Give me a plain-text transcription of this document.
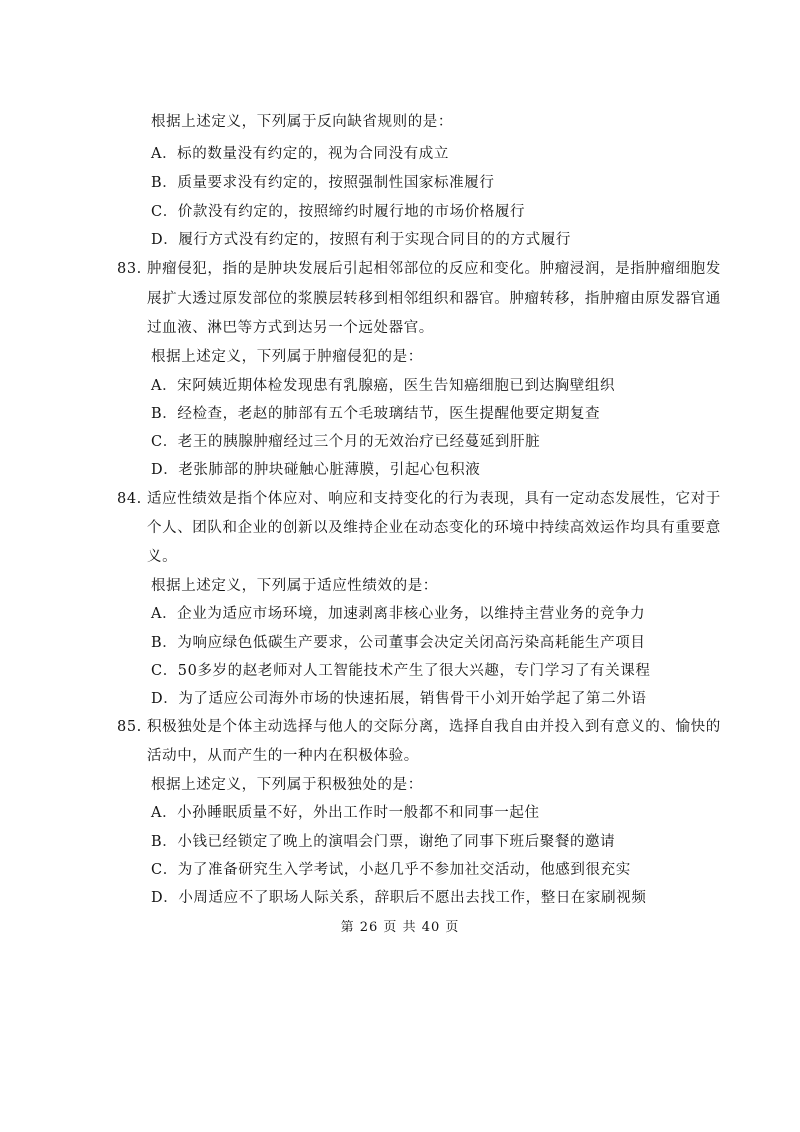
根据上述定义，下列属于反向缺省规则的是：
A．标的数量没有约定的，视为合同没有成立
B．质量要求没有约定的，按照强制性国家标准履行
C．价款没有约定的，按照缔约时履行地的市场价格履行
D．履行方式没有约定的，按照有利于实现合同目的的方式履行
83. 肿瘤侵犯，指的是肿块发展后引起相邻部位的反应和变化。肿瘤浸润，是指肿瘤细胞发
展扩大透过原发部位的浆膜层转移到相邻组织和器官。肿瘤转移，指肿瘤由原发器官通
过血液、淋巴等方式到达另一个远处器官。
根据上述定义，下列属于肿瘤侵犯的是：
A．宋阿姨近期体检发现患有乳腺癌，医生告知癌细胞已到达胸壁组织
B．经检查，老赵的肺部有五个毛玻璃结节，医生提醒他要定期复查
C．老王的胰腺肿瘤经过三个月的无效治疗已经蔓延到肝脏
D．老张肺部的肿块碰触心脏薄膜，引起心包积液
84. 适应性绩效是指个体应对、响应和支持变化的行为表现，具有一定动态发展性，它对于
个人、团队和企业的创新以及维持企业在动态变化的环境中持续高效运作均具有重要意
义。
根据上述定义，下列属于适应性绩效的是：
A．企业为适应市场环境，加速剥离非核心业务，以维持主营业务的竞争力
B．为响应绿色低碳生产要求，公司董事会决定关闭高污染高耗能生产项目
C．50多岁的赵老师对人工智能技术产生了很大兴趣，专门学习了有关课程
D．为了适应公司海外市场的快速拓展，销售骨干小刘开始学起了第二外语
85. 积极独处是个体主动选择与他人的交际分离，选择自我自由并投入到有意义的、愉快的
活动中，从而产生的一种内在积极体验。
根据上述定义，下列属于积极独处的是：
A．小孙睡眠质量不好，外出工作时一般都不和同事一起住
B．小钱已经锁定了晚上的演唱会门票，谢绝了同事下班后聚餐的邀请
C．为了准备研究生入学考试，小赵几乎不参加社交活动，他感到很充实
D．小周适应不了职场人际关系，辞职后不愿出去找工作，整日在家刷视频
第 26 页 共 40 页
